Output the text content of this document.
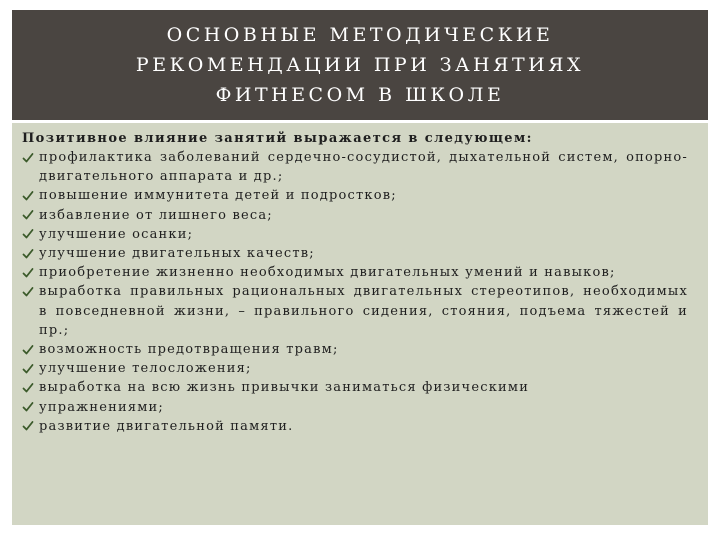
ОСНОВНЫЕ МЕТОДИЧЕСКИЕ
РЕКОМЕНДАЦИИ ПРИ ЗАНЯТИЯХ
ФИТНЕСОМ В ШКОЛЕ

Позитивное влияние занятий выражается в следующем:

профилактика заболеваний сердечно-сосудистой, дыхательной систем, опорно-двигательного аппарата и др.;
повышение иммунитета детей и подростков;
избавление от лишнего веса;
улучшение осанки;
улучшение двигательных качеств;
приобретение жизненно необходимых двигательных умений и навыков;
выработка правильных рациональных двигательных стереотипов, необходимых в повседневной жизни, – правильного сидения, стояния, подъема тяжестей и пр.;
возможность предотвращения травм;
улучшение телосложения;
выработка на всю жизнь привычки заниматься физическими
упражнениями;
развитие двигательной памяти.
